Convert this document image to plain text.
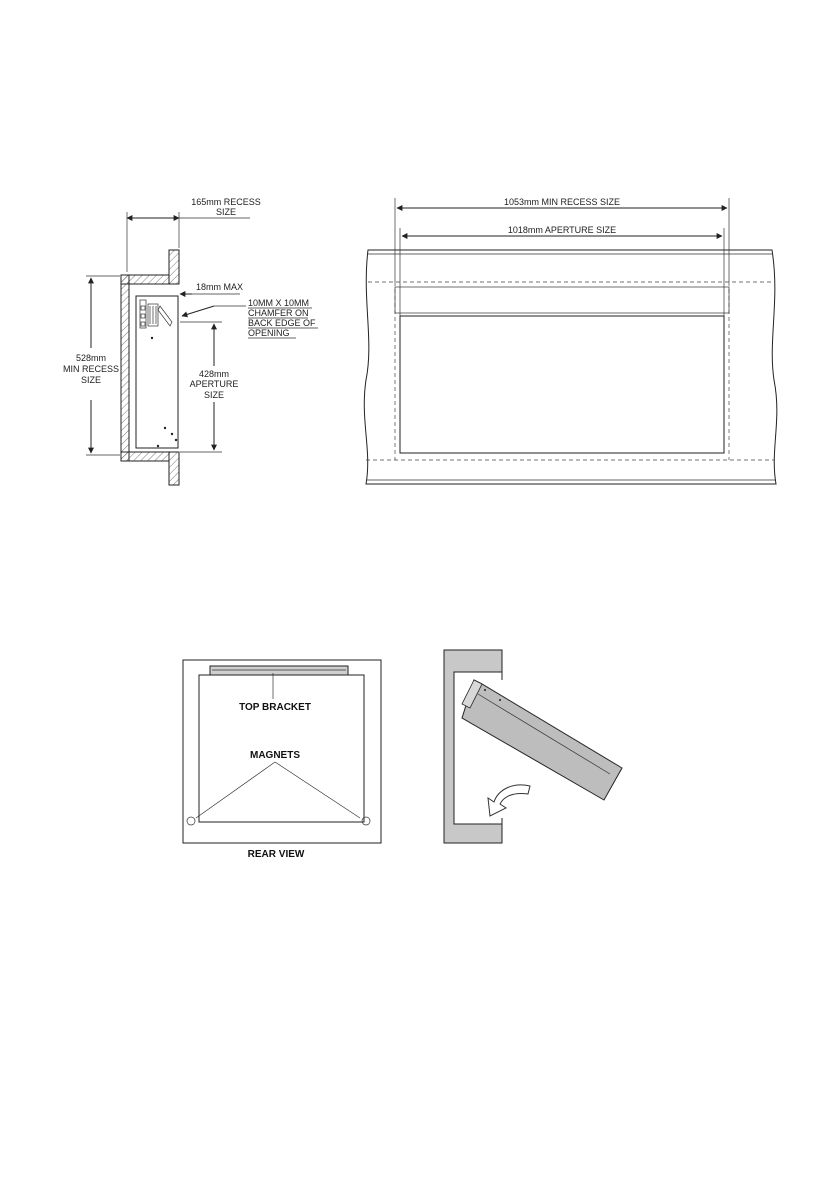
165mm RECESS
SIZE
18mm MAX
10MM X 10MM
CHAMFER ON
BACK EDGE OF
OPENING
528mm
MIN RECESS
SIZE
428mm
APERTURE
SIZE
1053mm MIN RECESS SIZE
1018mm APERTURE SIZE
TOP BRACKET
MAGNETS
REAR VIEW
